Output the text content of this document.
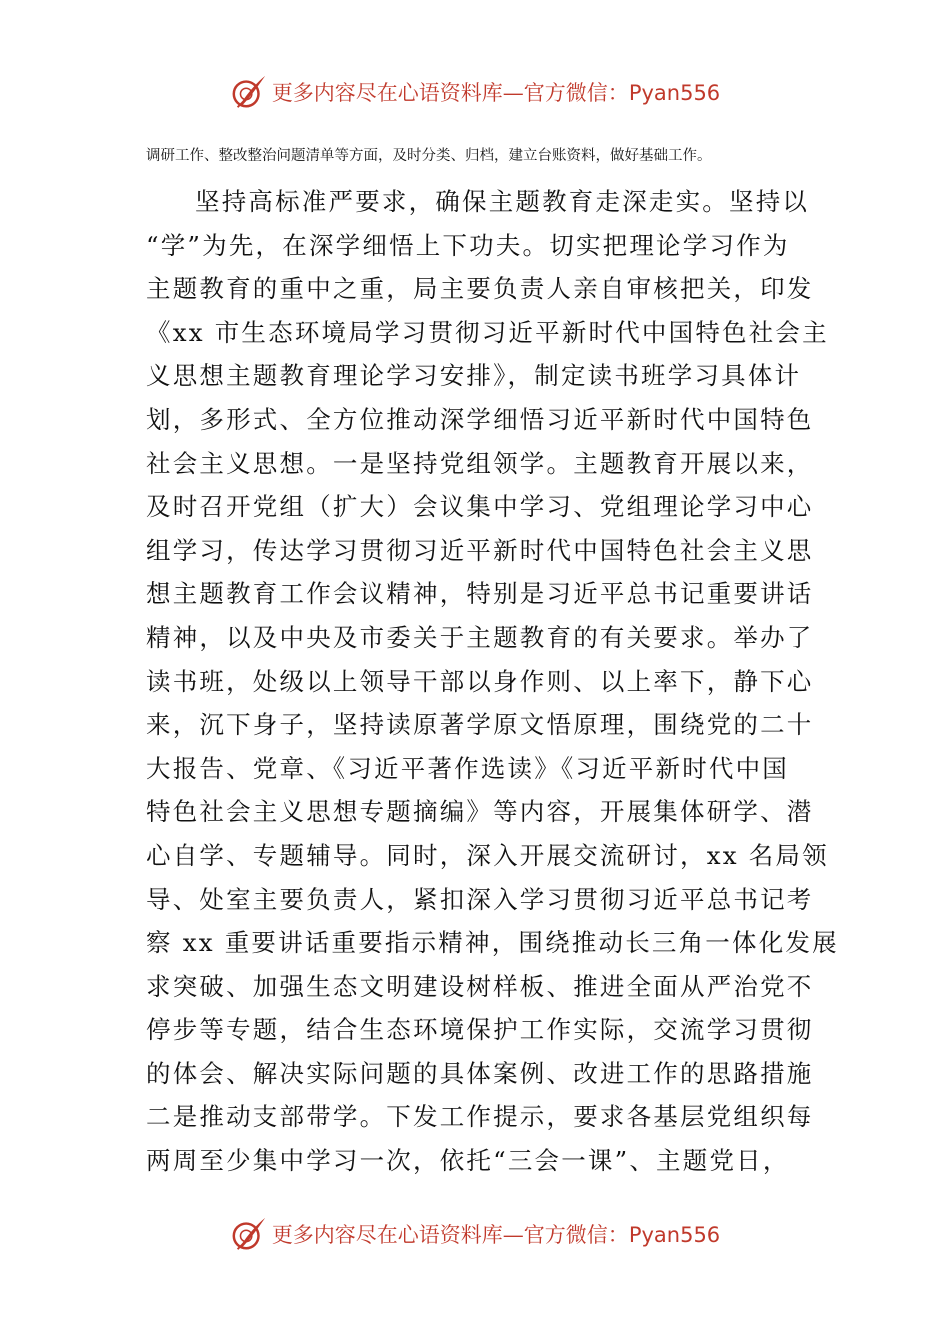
更多内容尽在心语资料库—官方微信：Pyan556
调研工作、整改整治问题清单等方面，及时分类、归档，建立台账资料，做好基础工作。
坚持高标准严要求，确保主题教育走深走实。坚持以
“学”为先，在深学细悟上下功夫。切实把理论学习作为
主题教育的重中之重，局主要负责人亲自审核把关，印发
《xx 市生态环境局学习贯彻习近平新时代中国特色社会主
义思想主题教育理论学习安排》，制定读书班学习具体计
划，多形式、全方位推动深学细悟习近平新时代中国特色
社会主义思想。一是坚持党组领学。主题教育开展以来，
及时召开党组（扩大）会议集中学习、党组理论学习中心
组学习，传达学习贯彻习近平新时代中国特色社会主义思
想主题教育工作会议精神，特别是习近平总书记重要讲话
精神，以及中央及市委关于主题教育的有关要求。举办了
读书班，处级以上领导干部以身作则、以上率下，静下心
来，沉下身子，坚持读原著学原文悟原理，围绕党的二十
大报告、党章、《习近平著作选读》《习近平新时代中国
特色社会主义思想专题摘编》等内容，开展集体研学、潜
心自学、专题辅导。同时，深入开展交流研讨，xx 名局领
导、处室主要负责人，紧扣深入学习贯彻习近平总书记考
察 xx 重要讲话重要指示精神，围绕推动长三角一体化发展
求突破、加强生态文明建设树样板、推进全面从严治党不
停步等专题，结合生态环境保护工作实际，交流学习贯彻
的体会、解决实际问题的具体案例、改进工作的思路措施
二是推动支部带学。下发工作提示，要求各基层党组织每
两周至少集中学习一次，依托“三会一课”、主题党日，
更多内容尽在心语资料库—官方微信：Pyan556
